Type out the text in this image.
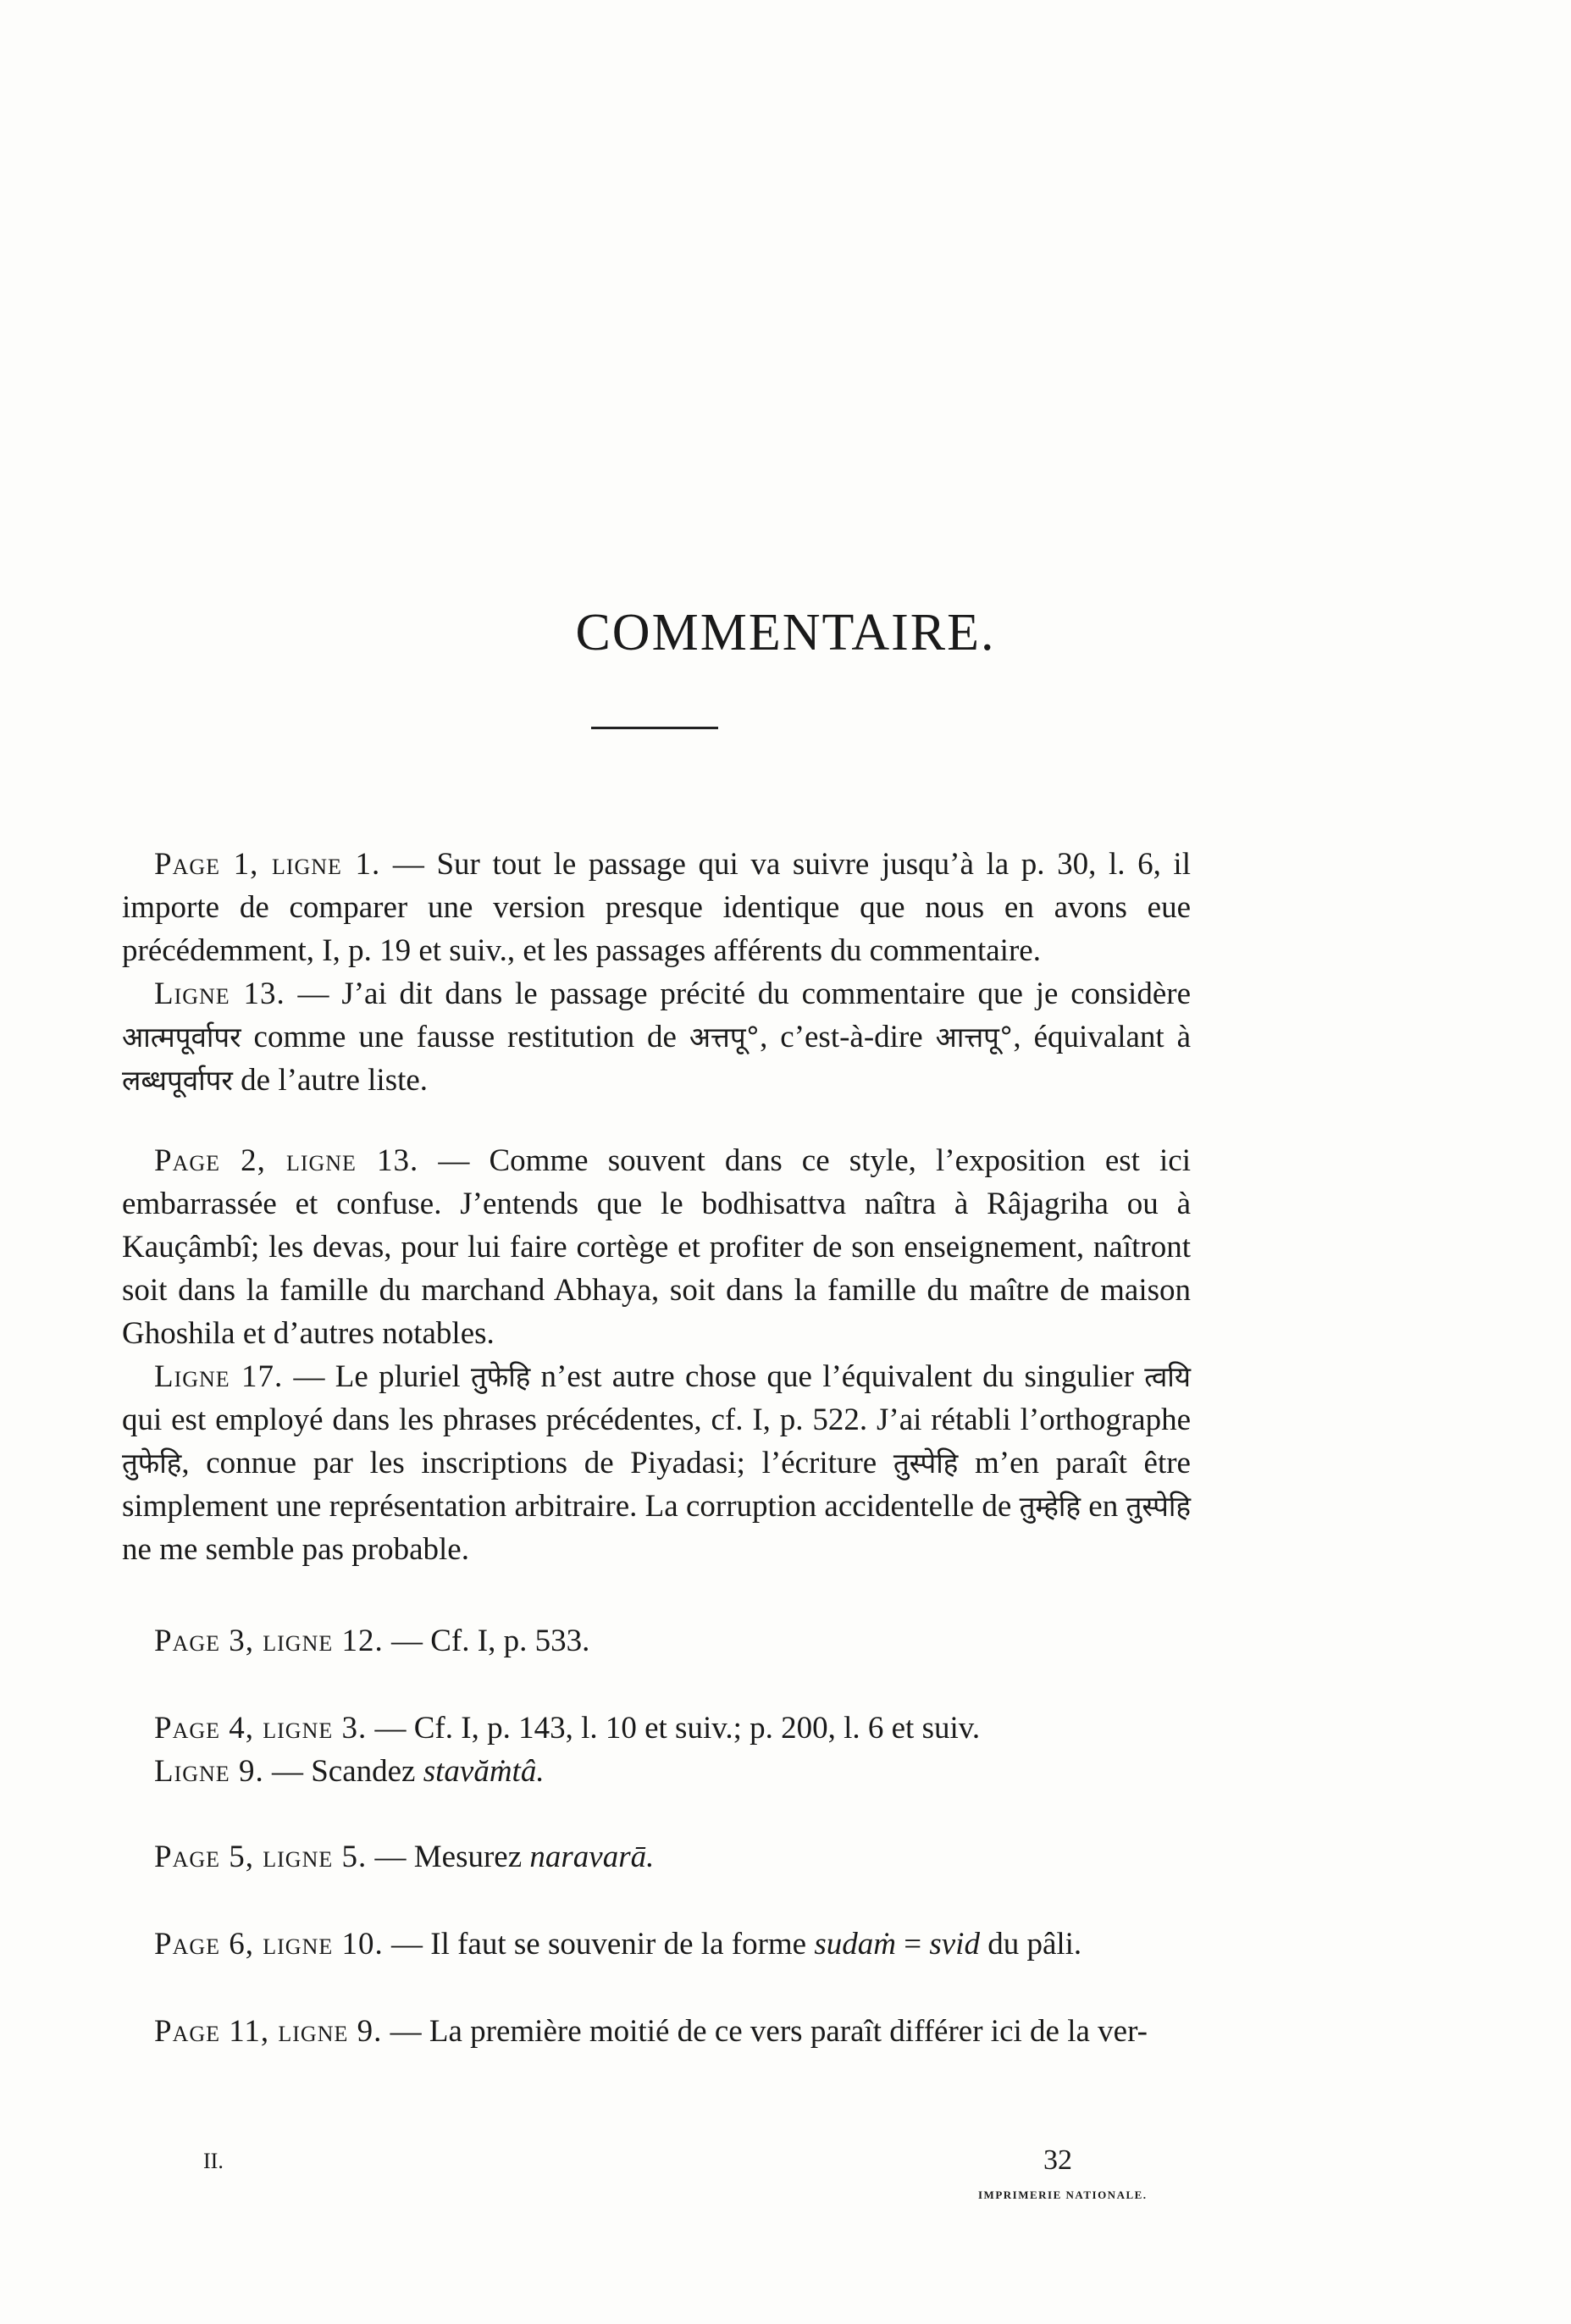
COMMENTAIRE.

Page 1, ligne 1. — Sur tout le passage qui va suivre jusqu’à la p. 30, l. 6, il importe de comparer une version presque identique que nous en avons eue précédemment, I, p. 19 et suiv., et les passages afférents du commentaire.

Ligne 13. — J’ai dit dans le passage précité du commentaire que je considère आत्मपूर्वापर comme une fausse restitution de अत्तपू°, c’est-à-dire आत्तपू°, équivalant à लब्धपूर्वापर de l’autre liste.

Page 2, ligne 13. — Comme souvent dans ce style, l’exposition est ici embarrassée et confuse. J’entends que le bodhisattva naîtra à Râjagriha ou à Kauçâmbî; les devas, pour lui faire cortège et profiter de son enseignement, naîtront soit dans la famille du marchand Abhaya, soit dans la famille du maître de maison Ghoshila et d’autres notables.

Ligne 17. — Le pluriel तुफेहि n’est autre chose que l’équivalent du singulier त्वयि qui est employé dans les phrases précédentes, cf. I, p. 522. J’ai rétabli l’orthographe तुफेहि, connue par les inscriptions de Piyadasi; l’écriture तुस्पेहि m’en paraît être simplement une représentation arbitraire. La corruption accidentelle de तुम्हेहि en तुस्पेहि ne me semble pas probable.

Page 3, ligne 12. — Cf. I, p. 533.
Page 4, ligne 3. — Cf. I, p. 143, l. 10 et suiv.; p. 200, l. 6 et suiv.
Ligne 9. — Scandez stavăṁtâ.
Page 5, ligne 5. — Mesurez naravarā.
Page 6, ligne 10. — Il faut se souvenir de la forme sudaṁ = svid du pâli.
Page 11, ligne 9. — La première moitié de ce vers paraît différer ici de la ver-
II.	32
IMPRIMERIE NATIONALE.
